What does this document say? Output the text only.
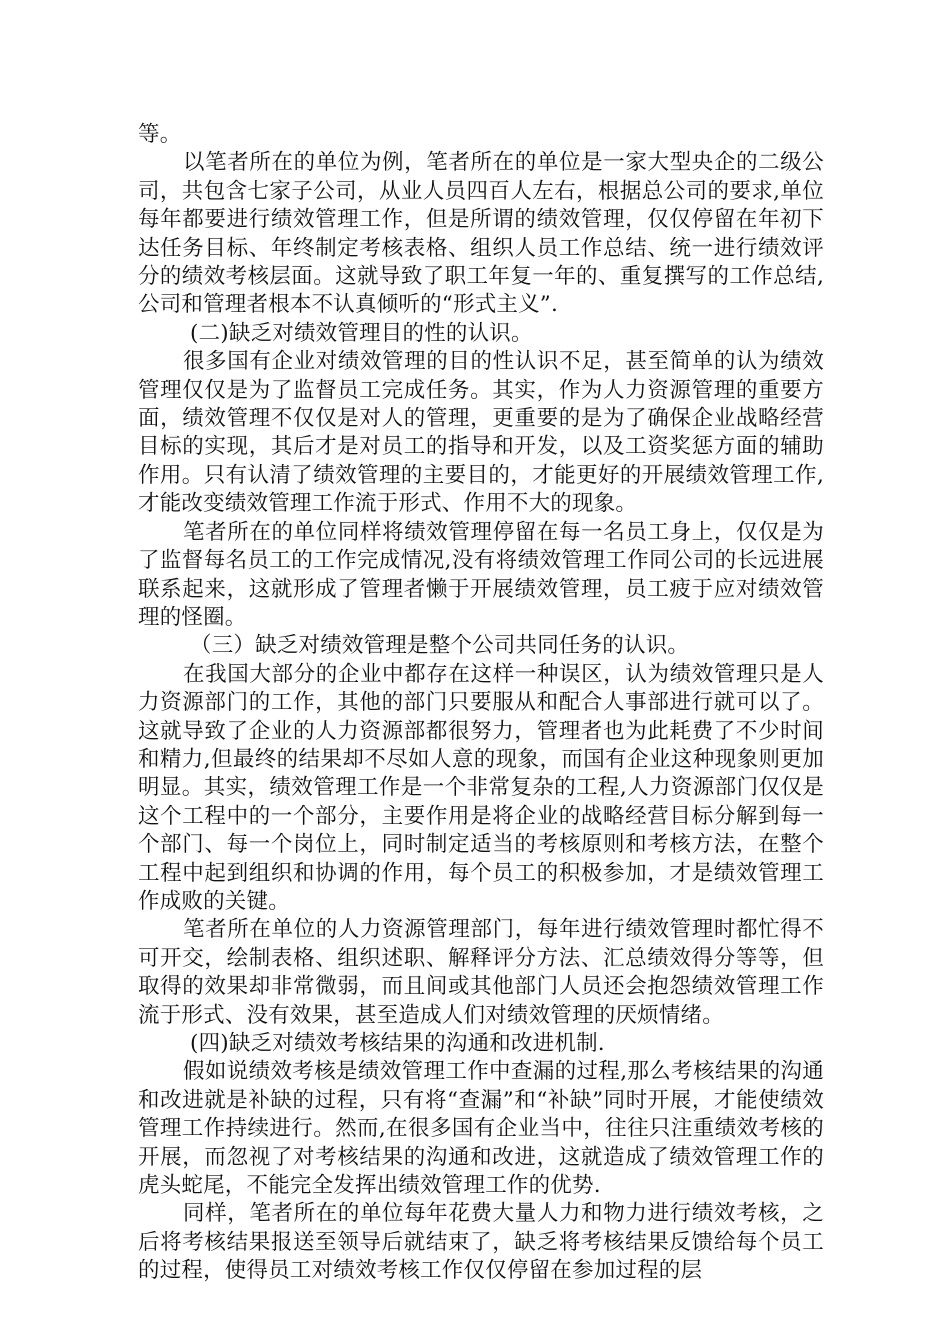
等。

以笔者所在的单位为例，笔者所在的单位是一家大型央企的二级公司，共包含七家子公司，从业人员四百人左右，根据总公司的要求,单位每年都要进行绩效管理工作，但是所谓的绩效管理，仅仅停留在年初下达任务目标、年终制定考核表格、组织人员工作总结、统一进行绩效评分的绩效考核层面。这就导致了职工年复一年的、重复撰写的工作总结,公司和管理者根本不认真倾听的“形式主义”.

(二)缺乏对绩效管理目的性的认识。

很多国有企业对绩效管理的目的性认识不足，甚至简单的认为绩效管理仅仅是为了监督员工完成任务。其实，作为人力资源管理的重要方面，绩效管理不仅仅是对人的管理，更重要的是为了确保企业战略经营目标的实现，其后才是对员工的指导和开发，以及工资奖惩方面的辅助作用。只有认清了绩效管理的主要目的，才能更好的开展绩效管理工作,才能改变绩效管理工作流于形式、作用不大的现象。

笔者所在的单位同样将绩效管理停留在每一名员工身上，仅仅是为了监督每名员工的工作完成情况,没有将绩效管理工作同公司的长远进展联系起来，这就形成了管理者懒于开展绩效管理，员工疲于应对绩效管理的怪圈。

（三）缺乏对绩效管理是整个公司共同任务的认识。

在我国大部分的企业中都存在这样一种误区，认为绩效管理只是人力资源部门的工作，其他的部门只要服从和配合人事部进行就可以了。这就导致了企业的人力资源部都很努力，管理者也为此耗费了不少时间和精力,但最终的结果却不尽如人意的现象，而国有企业这种现象则更加明显。其实，绩效管理工作是一个非常复杂的工程,人力资源部门仅仅是这个工程中的一个部分，主要作用是将企业的战略经营目标分解到每一个部门、每一个岗位上，同时制定适当的考核原则和考核方法，在整个工程中起到组织和协调的作用，每个员工的积极参加，才是绩效管理工作成败的关键。

笔者所在单位的人力资源管理部门，每年进行绩效管理时都忙得不可开交，绘制表格、组织述职、解释评分方法、汇总绩效得分等等，但取得的效果却非常微弱，而且间或其他部门人员还会抱怨绩效管理工作流于形式、没有效果，甚至造成人们对绩效管理的厌烦情绪。

(四)缺乏对绩效考核结果的沟通和改进机制.

假如说绩效考核是绩效管理工作中查漏的过程,那么考核结果的沟通和改进就是补缺的过程，只有将“查漏”和“补缺”同时开展，才能使绩效管理工作持续进行。然而,在很多国有企业当中，往往只注重绩效考核的开展，而忽视了对考核结果的沟通和改进，这就造成了绩效管理工作的虎头蛇尾，不能完全发挥出绩效管理工作的优势.

同样，笔者所在的单位每年花费大量人力和物力进行绩效考核，之后将考核结果报送至领导后就结束了，缺乏将考核结果反馈给每个员工的过程，使得员工对绩效考核工作仅仅停留在参加过程的层
